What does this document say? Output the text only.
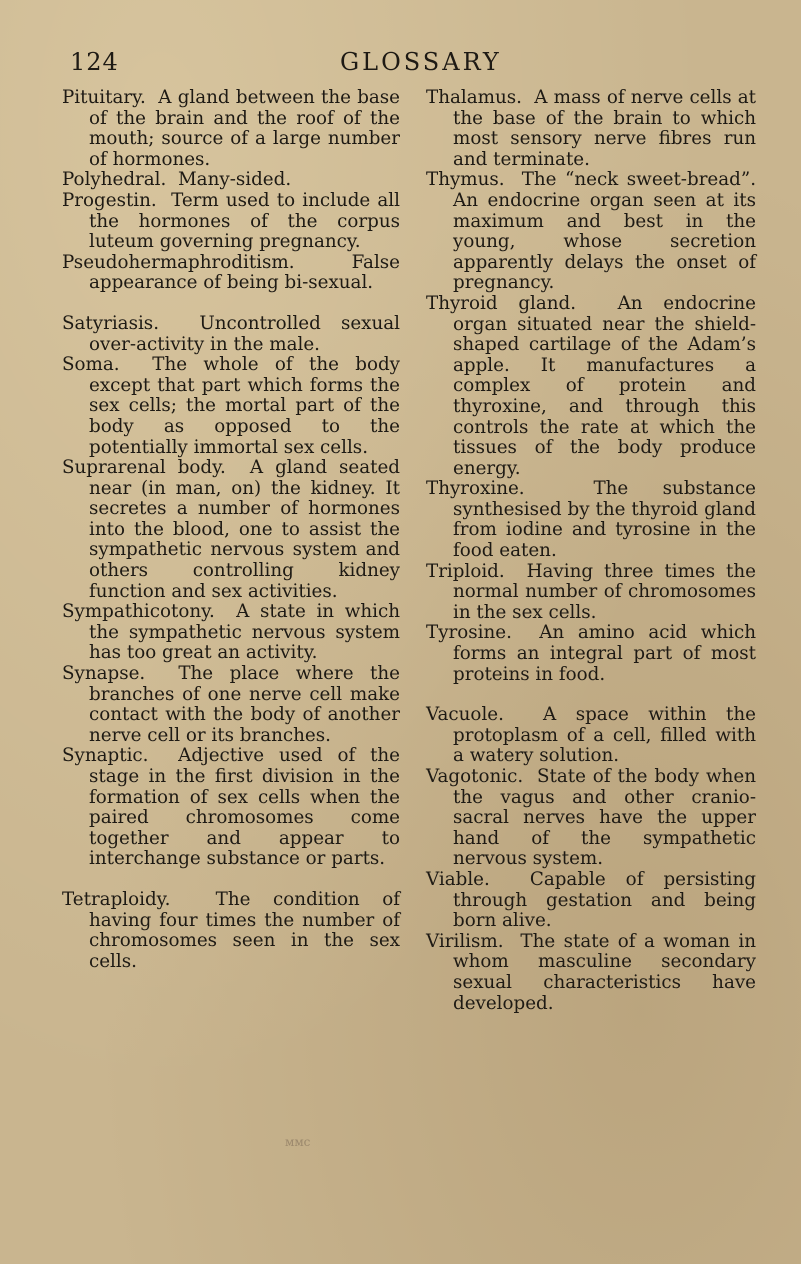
124	GLOSSARY

Pituitary. A gland between the base of the brain and the roof of the mouth; source of a large number of hormones.

Polyhedral. Many-sided.

Progestin. Term used to include all the hormones of the corpus luteum governing pregnancy.

Pseudohermaphroditism.	False appearance of being bi-sexual.

Satyriasis. Uncontrolled sexual over-activity in the male.

Soma. The whole of the body except that part which forms the sex cells; the mortal part of the body as opposed to the potentially immortal sex cells.

Suprarenal body. A gland seated near (in man, on) the kidney. It secretes a number of hormones into the blood, one to assist the sympathetic nervous system and others controlling kidney function and sex activities.

Sympathicotony. A state in which the sympathetic nervous system has too great an activity.

Synapse. The place where the branches of one nerve cell make contact with the body of another nerve cell or its branches.

Synaptic. Adjective used of the stage in the first division in the formation of sex cells when the paired chromosomes come together and appear to interchange substance or parts.

Tetraploidy. The condition of having four times the number of chromosomes seen in the sex cells.

Thalamus. A mass of nerve cells at the base of the brain to which most sensory nerve fibres run and terminate.

Thymus. The “neck sweet-bread”. An endocrine organ seen at its maximum and best in the young, whose secretion apparently delays the onset of pregnancy.

Thyroid gland. An endocrine organ situated near the shield-shaped cartilage of the Adam’s apple. It manufactures a complex of protein and thyroxine, and through this controls the rate at which the tissues of the body produce energy.

Thyroxine.	The substance synthesised by the thyroid gland from iodine and tyrosine in the food eaten.

Triploid. Having three times the normal number of chromosomes in the sex cells.

Tyrosine. An amino acid which forms an integral part of most proteins in food.

Vacuole. A space within the protoplasm of a cell, filled with a watery solution.

Vagotonic. State of the body when the vagus and other cranio-sacral nerves have the upper hand of the sympathetic nervous system.

Viable. Capable of persisting through gestation and being born alive.

Virilism. The state of a woman in whom masculine secondary sexual characteristics have developed.

ᴍᴍc
